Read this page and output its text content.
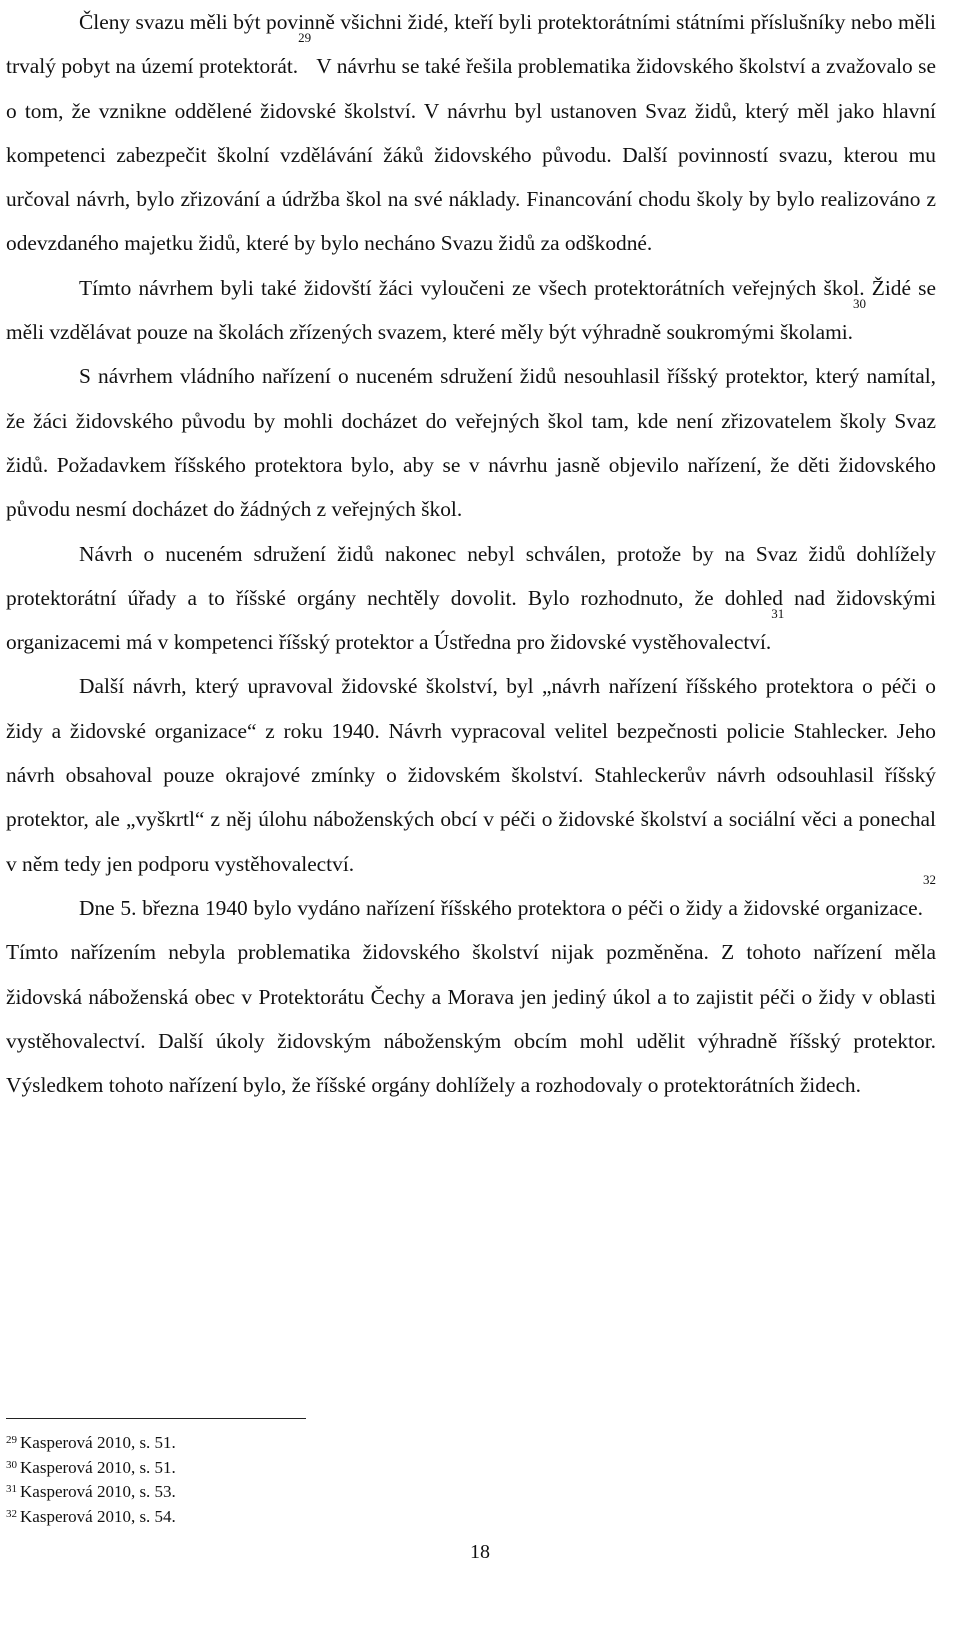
Členy svazu měli být povinně všichni židé, kteří byli protektorátními státními příslušníky nebo měli trvalý pobyt na území protektorát.$^{29}$ V návrhu se také řešila problematika židovského školství a zvažovalo se o tom, že vznikne oddělené židovské školství. V návrhu byl ustanoven Svaz židů, který měl jako hlavní kompetenci zabezpečit školní vzdělávání žáků židovského původu. Další povinností svazu, kterou mu určoval návrh, bylo zřizování a údržba škol na své náklady. Financování chodu školy by bylo realizováno z odevzdaného majetku židů, které by bylo necháno Svazu židů za odškodné.

Tímto návrhem byli také židovští žáci vyloučeni ze všech protektorátních veřejných škol. Židé se měli vzdělávat pouze na školách zřízených svazem, které měly být výhradně soukromými školami.$^{30}$

S návrhem vládního nařízení o nuceném sdružení židů nesouhlasil říšský protektor, který namítal, že žáci židovského původu by mohli docházet do veřejných škol tam, kde není zřizovatelem školy Svaz židů. Požadavkem říšského protektora bylo, aby se v návrhu jasně objevilo nařízení, že děti židovského původu nesmí docházet do žádných z veřejných škol.

Návrh o nuceném sdružení židů nakonec nebyl schválen, protože by na Svaz židů dohlížely protektorátní úřady a to říšské orgány nechtěly dovolit. Bylo rozhodnuto, že dohled nad židovskými organizacemi má v kompetenci říšský protektor a Ústředna pro židovské vystěhovalectví.$^{31}$

Další návrh, který upravoval židovské školství, byl „návrh nařízení říšského protektora o péči o židy a židovské organizace“ z roku 1940. Návrh vypracoval velitel bezpečnosti policie Stahlecker. Jeho návrh obsahoval pouze okrajové zmínky o židovském školství. Stahleckerův návrh odsouhlasil říšský protektor, ale „vyškrtl“ z něj úlohu náboženských obcí v péči o židovské školství a sociální věci a ponechal v něm tedy jen podporu vystěhovalectví.

Dne 5. března 1940 bylo vydáno nařízení říšského protektora o péči o židy a židovské organizace.$^{32}$ Tímto nařízením nebyla problematika židovského školství nijak pozměněna. Z tohoto nařízení měla židovská náboženská obec v Protektorátu Čechy a Morava jen jediný úkol a to zajistit péči o židy v oblasti vystěhovalectví. Další úkoly židovským náboženským obcím mohl udělit výhradně říšský protektor. Výsledkem tohoto nařízení bylo, že říšské orgány dohlížely a rozhodovaly o protektorátních židech.

$^{29}$ Kasperová 2010, s. 51.
$^{30}$ Kasperová 2010, s. 51.
$^{31}$ Kasperová 2010, s. 53.
$^{32}$ Kasperová 2010, s. 54.
18
